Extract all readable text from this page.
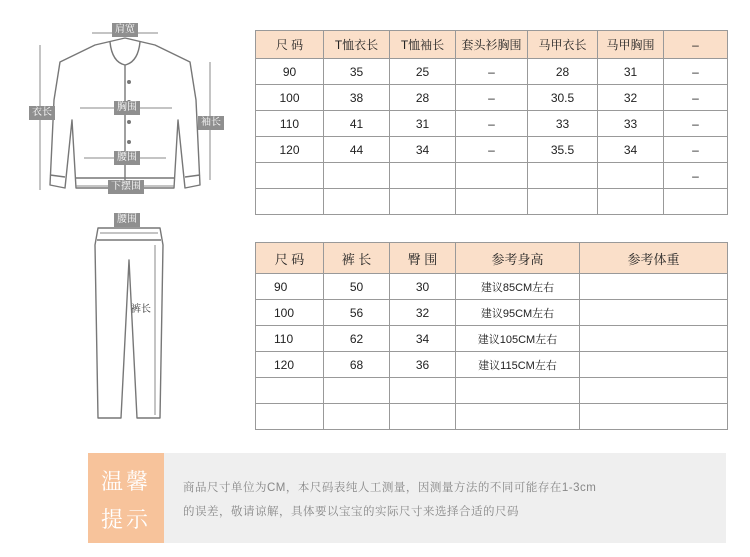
肩宽
胸围
腰围
下摆围
衣长
袖长
腰围
裤长
尺 码	T恤衣长	T恤袖长	套头衫胸围	马甲衣长	马甲胸围	–
90	35	25	–	28	31	–
100	38	28	–	30.5	32	–
110	41	31	–	33	33	–
120	44	34	–	35.5	34	–
						–

尺 码	裤 长	臀 围	参考身高	参考体重
90	50	30	建议85CM左右	
100	56	32	建议95CM左右	
110	62	34	建议105CM左右	
120	68	36	建议115CM左右	

温馨
提示
商品尺寸单位为CM，本尺码表纯人工测量，因测量方法的不同可能存在1-3cm
的误差，敬请谅解，具体要以宝宝的实际尺寸来选择合适的尺码
